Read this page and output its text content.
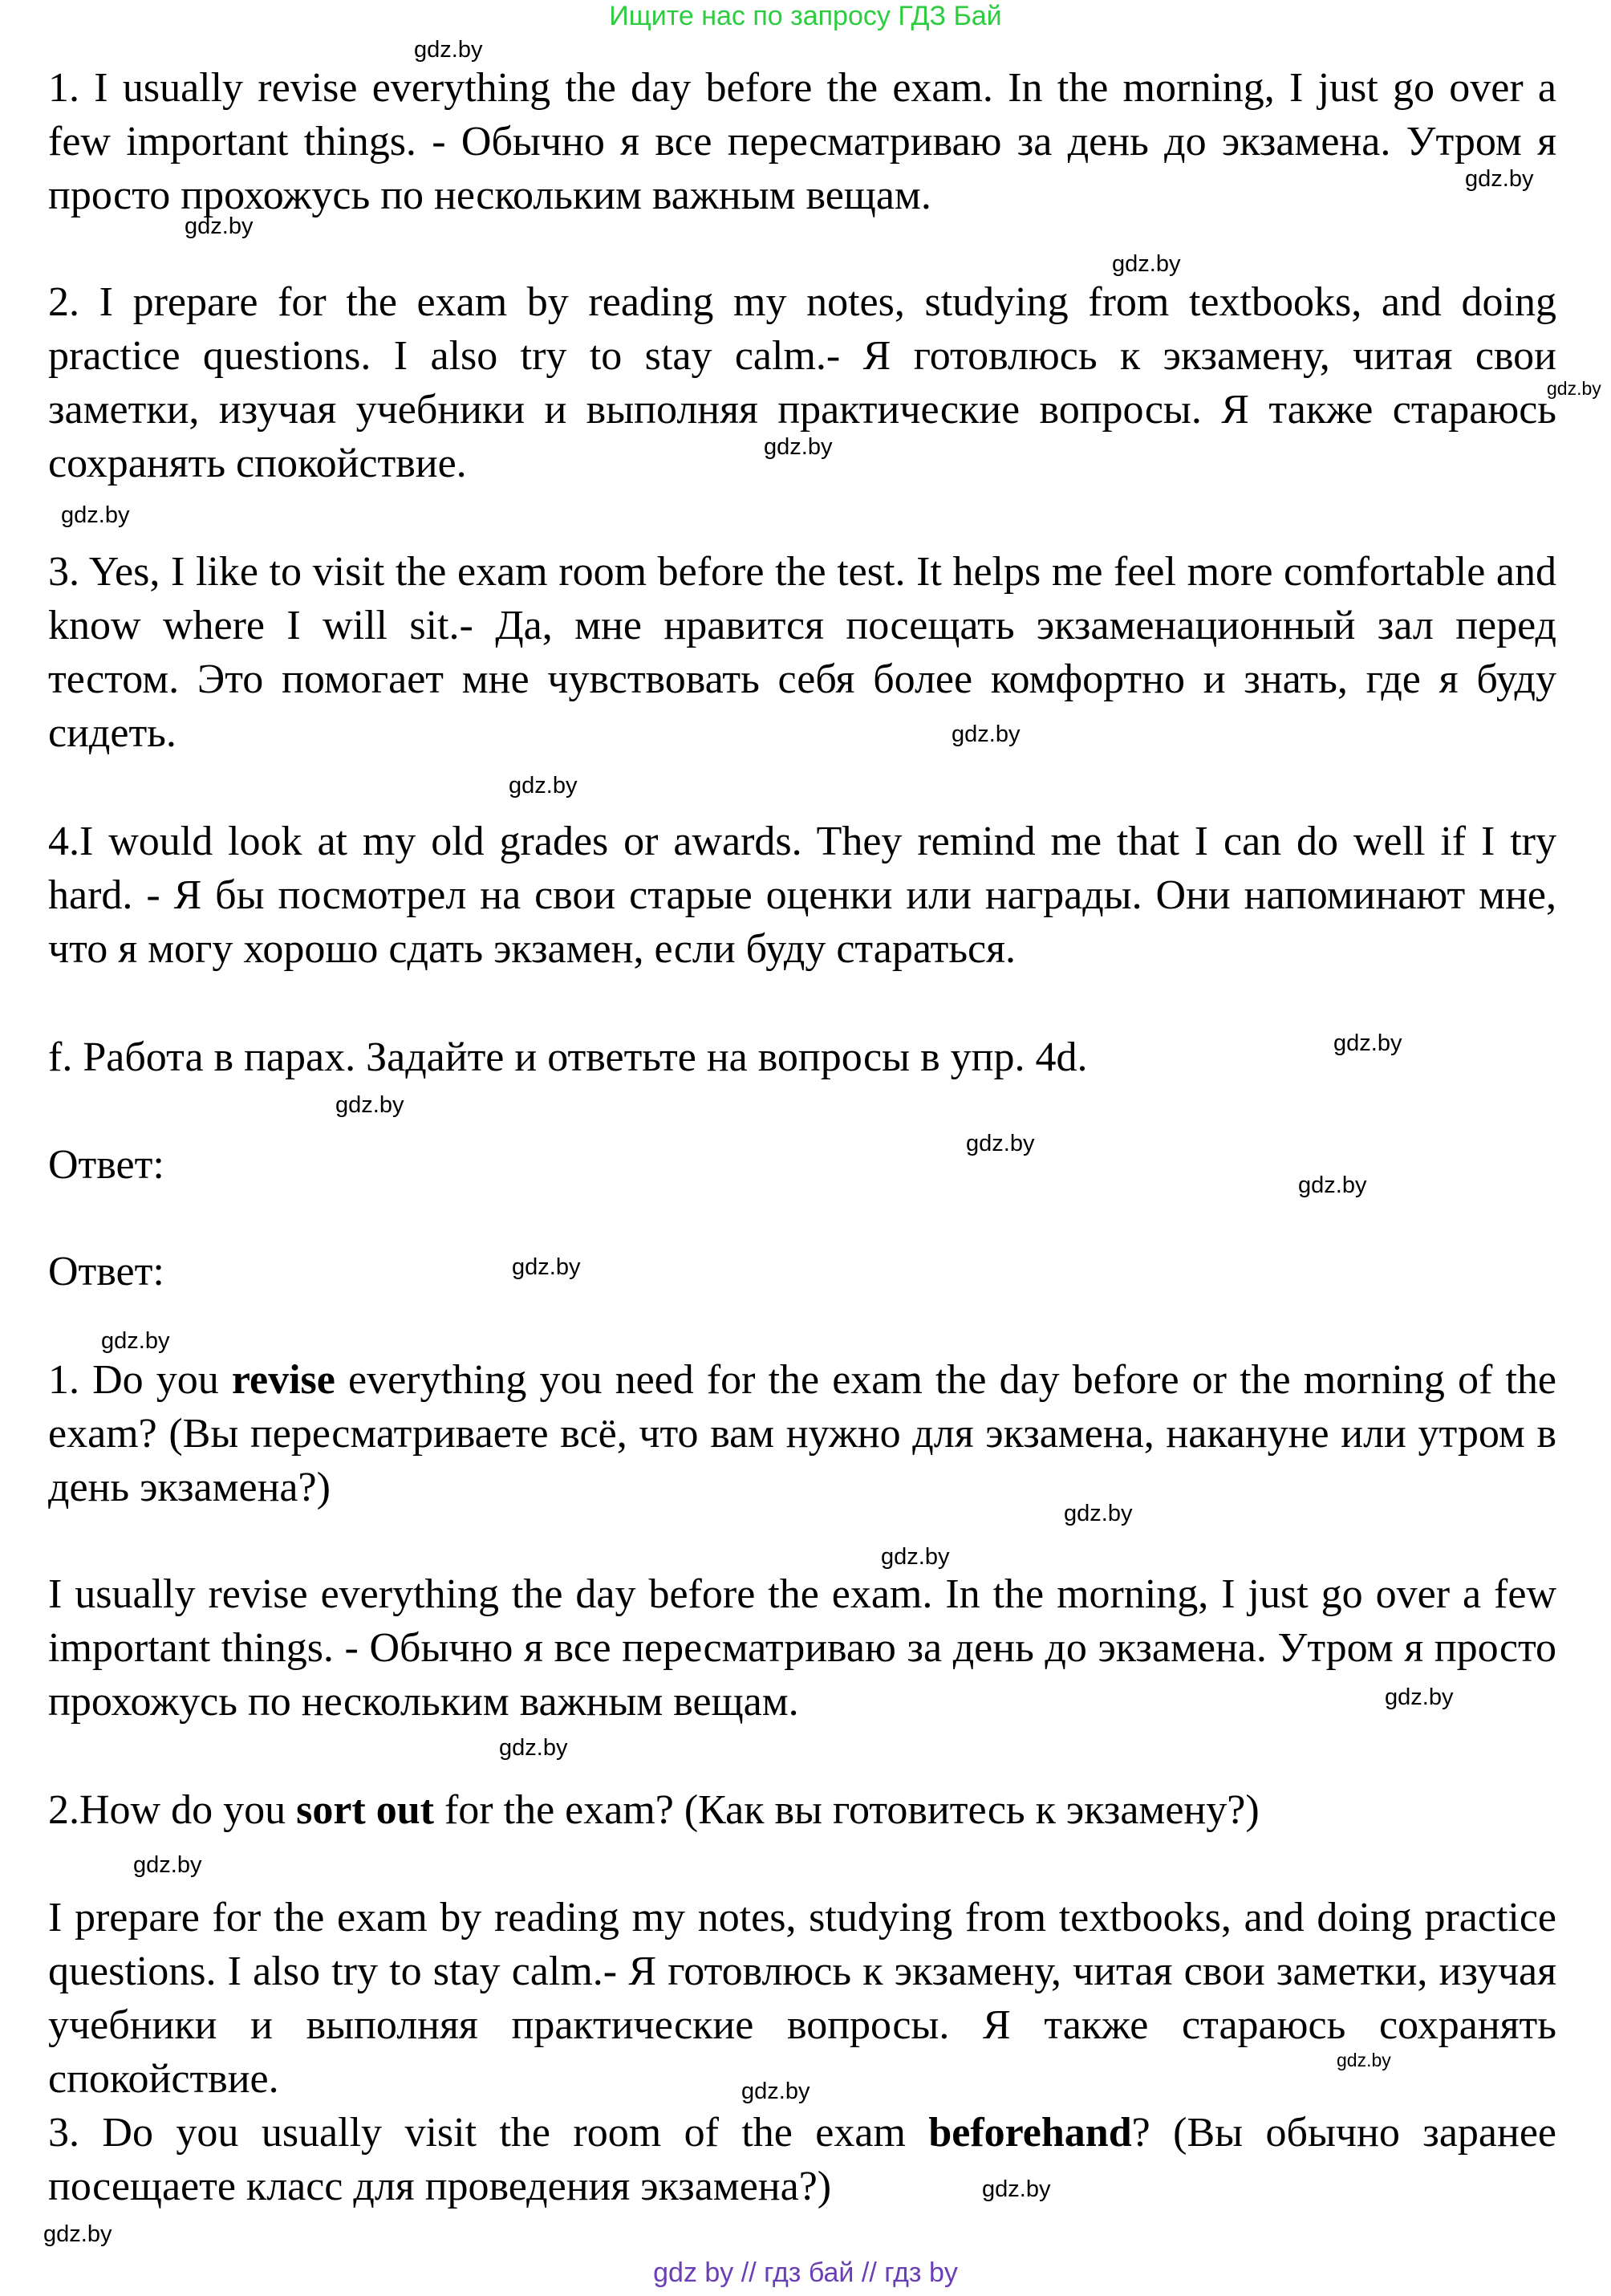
Ищите нас по запросу ГДЗ Бай
gdz.by
gdz.by
gdz.by
gdz.by
gdz.by
gdz.by
gdz.by
gdz.by
gdz.by
gdz.by
gdz.by
gdz.by
gdz.by
gdz.by
gdz.by
gdz.by
gdz.by
gdz.by
gdz.by
gdz.by
gdz.by
gdz.by
gdz.by
gdz.by
1. I usually revise everything the day before the exam. In the morning, I just go over a few important things. - Обычно я все пересматриваю за день до экзамена. Утром я просто прохожусь по нескольким важным вещам.
2. I prepare for the exam by reading my notes, studying from textbooks, and doing practice questions. I also try to stay calm.- Я готовлюсь к экзамену, читая свои заметки, изучая учебники и выполняя практические вопросы. Я также стараюсь сохранять спокойствие.
3. Yes, I like to visit the exam room before the test. It helps me feel more comfortable and know where I will sit.- Да, мне нравится посещать экзаменационный зал перед тестом. Это помогает мне чувствовать себя более комфортно и знать, где я буду сидеть.
4.I would look at my old grades or awards. They remind me that I can do well if I try hard. - Я бы посмотрел на свои старые оценки или награды. Они напоминают мне, что я могу хорошо сдать экзамен, если буду стараться.
f. Работа в парах. Задайте и ответьте на вопросы в упр. 4d.
Ответ:
Ответ:
1. Do you revise everything you need for the exam the day before or the morning of the exam? (Вы пересматриваете всё, что вам нужно для экзамена, накануне или утром в день экзамена?)
I usually revise everything the day before the exam. In the morning, I just go over a few important things. - Обычно я все пересматриваю за день до экзамена. Утром я просто прохожусь по нескольким важным вещам.
2.How do you sort out for the exam? (Как вы готовитесь к экзамену?)
I prepare for the exam by reading my notes, studying from textbooks, and doing practice questions. I also try to stay calm.- Я готовлюсь к экзамену, читая свои заметки, изучая учебники и выполняя практические вопросы. Я также стараюсь сохранять спокойствие.
3. Do you usually visit the room of the exam beforehand? (Вы обычно заранее посещаете класс для проведения экзамена?)
gdz by // гдз бай // гдз by
